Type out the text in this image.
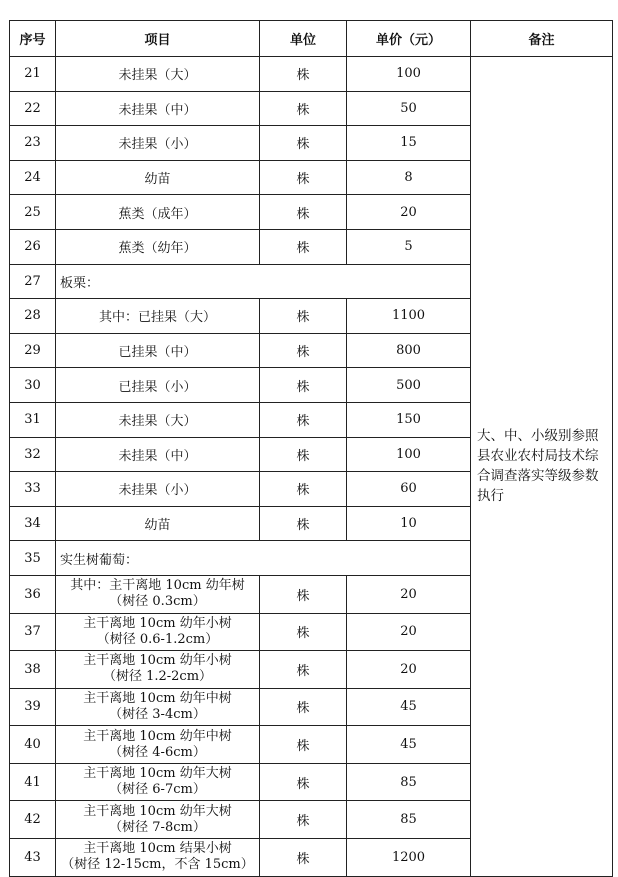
序号	项目	单位	单价（元）	备注
21	未挂果（大）	株	100	大、中、小级别参照县农业农村局技术综合调查落实等级参数执行
22	未挂果（中）	株	50	
23	未挂果（小）	株	15	
24	幼苗	株	8	
25	蕉类（成年）	株	20	
26	蕉类（幼年）	株	5	
27	板栗：			
28	其中：已挂果（大）	株	1100	
29	已挂果（中）	株	800	
30	已挂果（小）	株	500	
31	未挂果（大）	株	150	
32	未挂果（中）	株	100	
33	未挂果（小）	株	60	
34	幼苗	株	10	
35	实生树葡萄：			
36	其中：主干离地 10cm 幼年树
（树径 0.3cm）	株	20	
37	主干离地 10cm 幼年小树
（树径 0.6-1.2cm）	株	20	
38	主干离地 10cm 幼年小树
（树径 1.2-2cm）	株	20	
39	主干离地 10cm 幼年中树
（树径 3-4cm）	株	45	
40	主干离地 10cm 幼年中树
（树径 4-6cm）	株	45	
41	主干离地 10cm 幼年大树
（树径 6-7cm）	株	85	
42	主干离地 10cm 幼年大树
（树径 7-8cm）	株	85	
43	主干离地 10cm 结果小树
（树径 12-15cm，不含 15cm）	株	1200	
